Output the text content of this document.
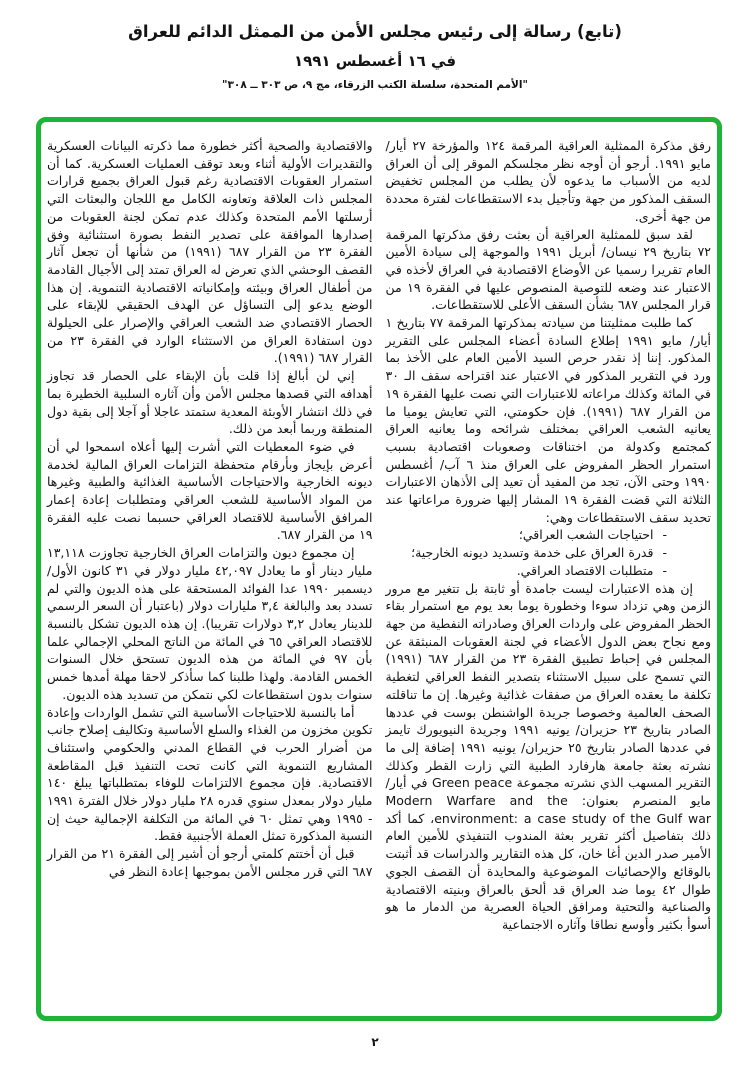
(تابع) رسالة إلى رئيس مجلس الأمن من الممثل الدائم للعراق
في ١٦ أغسطس ١٩٩١
"الأمم المتحدة، سلسلة الكتب الزرقاء، مج ٩، ص ٣٠٣ ــ ٣٠٨"

رفق مذكرة الممثلية العراقية المرقمة ١٢٤ والمؤرخة ٢٧ أيار/ مايو ١٩٩١. أرجو أن أوجه نظر مجلسكم الموقر إلى أن العراق لديه من الأسباب ما يدعوه لأن يطلب من المجلس تخفيض السقف المذكور من جهة وتأجيل بدء الاستقطاعات لفترة محددة من جهة أخرى.

لقد سبق للممثلية العراقية أن بعثت رفق مذكرتها المرقمة ٧٢ بتاريخ ٢٩ نيسان/ أبريل ١٩٩١ والموجهة إلى سيادة الأمين العام تقريرا رسميا عن الأوضاع الاقتصادية في العراق لأخذه في الاعتبار عند وضعه للتوصية المنصوص عليها في الفقرة ١٩ من قرار المجلس ٦٨٧ بشأن السقف الأعلى للاستقطاعات.

كما طلبت ممثليتنا من سيادته بمذكرتها المرقمة ٧٧ بتاريخ ١ أيار/ مايو ١٩٩١ إطلاع السادة أعضاء المجلس على التقرير المذكور. إننا إذ نقدر حرص السيد الأمين العام على الأخذ بما ورد في التقرير المذكور في الاعتبار عند اقتراحه سقف الـ ٣٠ في المائة وكذلك مراعاته للاعتبارات التي نصت عليها الفقرة ١٩ من القرار ٦٨٧ (١٩٩١). فإن حكومتي، التي تعايش يوميا ما يعانيه الشعب العراقي بمختلف شرائحه وما يعانيه العراق كمجتمع وكدولة من اختناقات وصعوبات اقتصادية بسبب استمرار الحظر المفروض على العراق منذ ٦ آب/ أغسطس ١٩٩٠ وحتى الآن، تجد من المفيد أن تعيد إلى الأذهان الاعتبارات الثلاثة التي قضت الفقرة ١٩ المشار إليها ضرورة مراعاتها عند تحديد سقف الاستقطاعات وهي:

-
احتياجات الشعب العراقي؛
-
قدرة العراق على خدمة وتسديد ديونه الخارجية؛
-
متطلبات الاقتصاد العراقي.

إن هذه الاعتبارات ليست جامدة أو ثابتة بل تتغير مع مرور الزمن وهي تزداد سوءا وخطورة يوما بعد يوم مع استمرار بقاء الحظر المفروض على واردات العراق وصادراته النفطية من جهة ومع نجاح بعض الدول الأعضاء في لجنة العقوبات المنبثقة عن المجلس في إحباط تطبيق الفقرة ٢٣ من القرار ٦٨٧ (١٩٩١) التي تسمح على سبيل الاستثناء بتصدير النفط العراقي لتغطية تكلفة ما يعقده العراق من صفقات غذائية وغيرها. إن ما تناقلته الصحف العالمية وخصوصا جريدة الواشنطن بوست في عددها الصادر بتاريخ ٢٣ حزيران/ يونيه ١٩٩١ وجريدة النيويورك تايمز في عددها الصادر بتاريخ ٢٥ حزيران/ يونيه ١٩٩١ إضافة إلى ما نشرته بعثة جامعة هارفارد الطبية التي زارت القطر وكذلك التقرير المسهب الذي نشرته مجموعة Green peace في أيار/ مايو المنصرم بعنوان: Modern Warfare and the environment: a case study of the Gulf war، كما أكد ذلك بتفاصيل أكثر تقرير بعثة المندوب التنفيذي للأمين العام الأمير صدر الدين أغا خان، كل هذه التقارير والدراسات قد أثبتت بالوقائع والإحصائيات الموضوعية والمحايدة أن القصف الجوي طوال ٤٢ يوما ضد العراق قد ألحق بالعراق وبنيته الاقتصادية والصناعية والتحتية ومرافق الحياة العصرية من الدمار ما هو أسوأ بكثير وأوسع نطاقا وآثاره الاجتماعية

والاقتصادية والصحية أكثر خطورة مما ذكرته البيانات العسكرية والتقديرات الأولية أثناء وبعد توقف العمليات العسكرية. كما أن استمرار العقوبات الاقتصادية رغم قبول العراق بجميع قرارات المجلس ذات العلاقة وتعاونه الكامل مع اللجان والبعثات التي أرسلتها الأمم المتحدة وكذلك عدم تمكن لجنة العقوبات من إصدارها الموافقة على تصدير النفط بصورة استثنائية وفق الفقرة ٢٣ من القرار ٦٨٧ (١٩٩١) من شأنها أن تجعل آثار القصف الوحشي الذي تعرض له العراق تمتد إلى الأجيال القادمة من أطفال العراق وبيئته وإمكانياته الاقتصادية التنموية. إن هذا الوضع يدعو إلى التساؤل عن الهدف الحقيقي للإبقاء على الحصار الاقتصادي ضد الشعب العراقي والإصرار على الحيلولة دون استفادة العراق من الاستثناء الوارد في الفقرة ٢٣ من القرار ٦٨٧ (١٩٩١).

إني لن أبالغ إذا قلت بأن الإبقاء على الحصار قد تجاوز أهدافه التي قصدها مجلس الأمن وأن آثاره السلبية الخطيرة بما في ذلك انتشار الأوبئة المعدية ستمتد عاجلا أو آجلا إلى بقية دول المنطقة وربما أبعد من ذلك.

في ضوء المعطيات التي أشرت إليها أعلاه اسمحوا لي أن أعرض بإيجاز وبأرقام متحفظة التزامات العراق المالية لخدمة ديونه الخارجية والاحتياجات الأساسية الغذائية والطبية وغيرها من المواد الأساسية للشعب العراقي ومتطلبات إعادة إعمار المرافق الأساسية للاقتصاد العراقي حسبما نصت عليه الفقرة ١٩ من القرار ٦٨٧.

إن مجموع ديون والتزامات العراق الخارجية تجاوزت ١٣,١١٨ مليار دينار أو ما يعادل ٤٢,٠٩٧ مليار دولار في ٣١ كانون الأول/ ديسمبر ١٩٩٠ عدا الفوائد المستحقة على هذه الديون والتي لم تسدد بعد والبالغة ٣,٤ مليارات دولار (باعتبار أن السعر الرسمي للدينار يعادل ٣,٢ دولارات تقريبا). إن هذه الديون تشكل بالنسبة للاقتصاد العراقي ٦٥ في المائة من الناتج المحلي الإجمالي علما بأن ٩٧ في المائة من هذه الديون تستحق خلال السنوات الخمس القادمة. ولهذا طلبنا كما سأذكر لاحقا مهلة أمدها خمس سنوات بدون استقطاعات لكي نتمكن من تسديد هذه الديون.

أما بالنسبة للاحتياجات الأساسية التي تشمل الواردات وإعادة تكوين مخزون من الغذاء والسلع الأساسية وتكاليف إصلاح جانب من أضرار الحرب في القطاع المدني والحكومي واستئناف المشاريع التنموية التي كانت تحت التنفيذ قبل المقاطعة الاقتصادية. فإن مجموع الالتزامات للوفاء بمتطلباتها يبلغ ١٤٠ مليار دولار بمعدل سنوي قدره ٢٨ مليار دولار خلال الفترة ١٩٩١ - ١٩٩٥ وهي تمثل ٦٠ في المائة من التكلفة الإجمالية حيث إن النسبة المذكورة تمثل العملة الأجنبية فقط.

قبل أن أختتم كلمتي أرجو أن أشير إلى الفقرة ٢١ من القرار ٦٨٧ التي قرر مجلس الأمن بموجبها إعادة النظر في

٢
